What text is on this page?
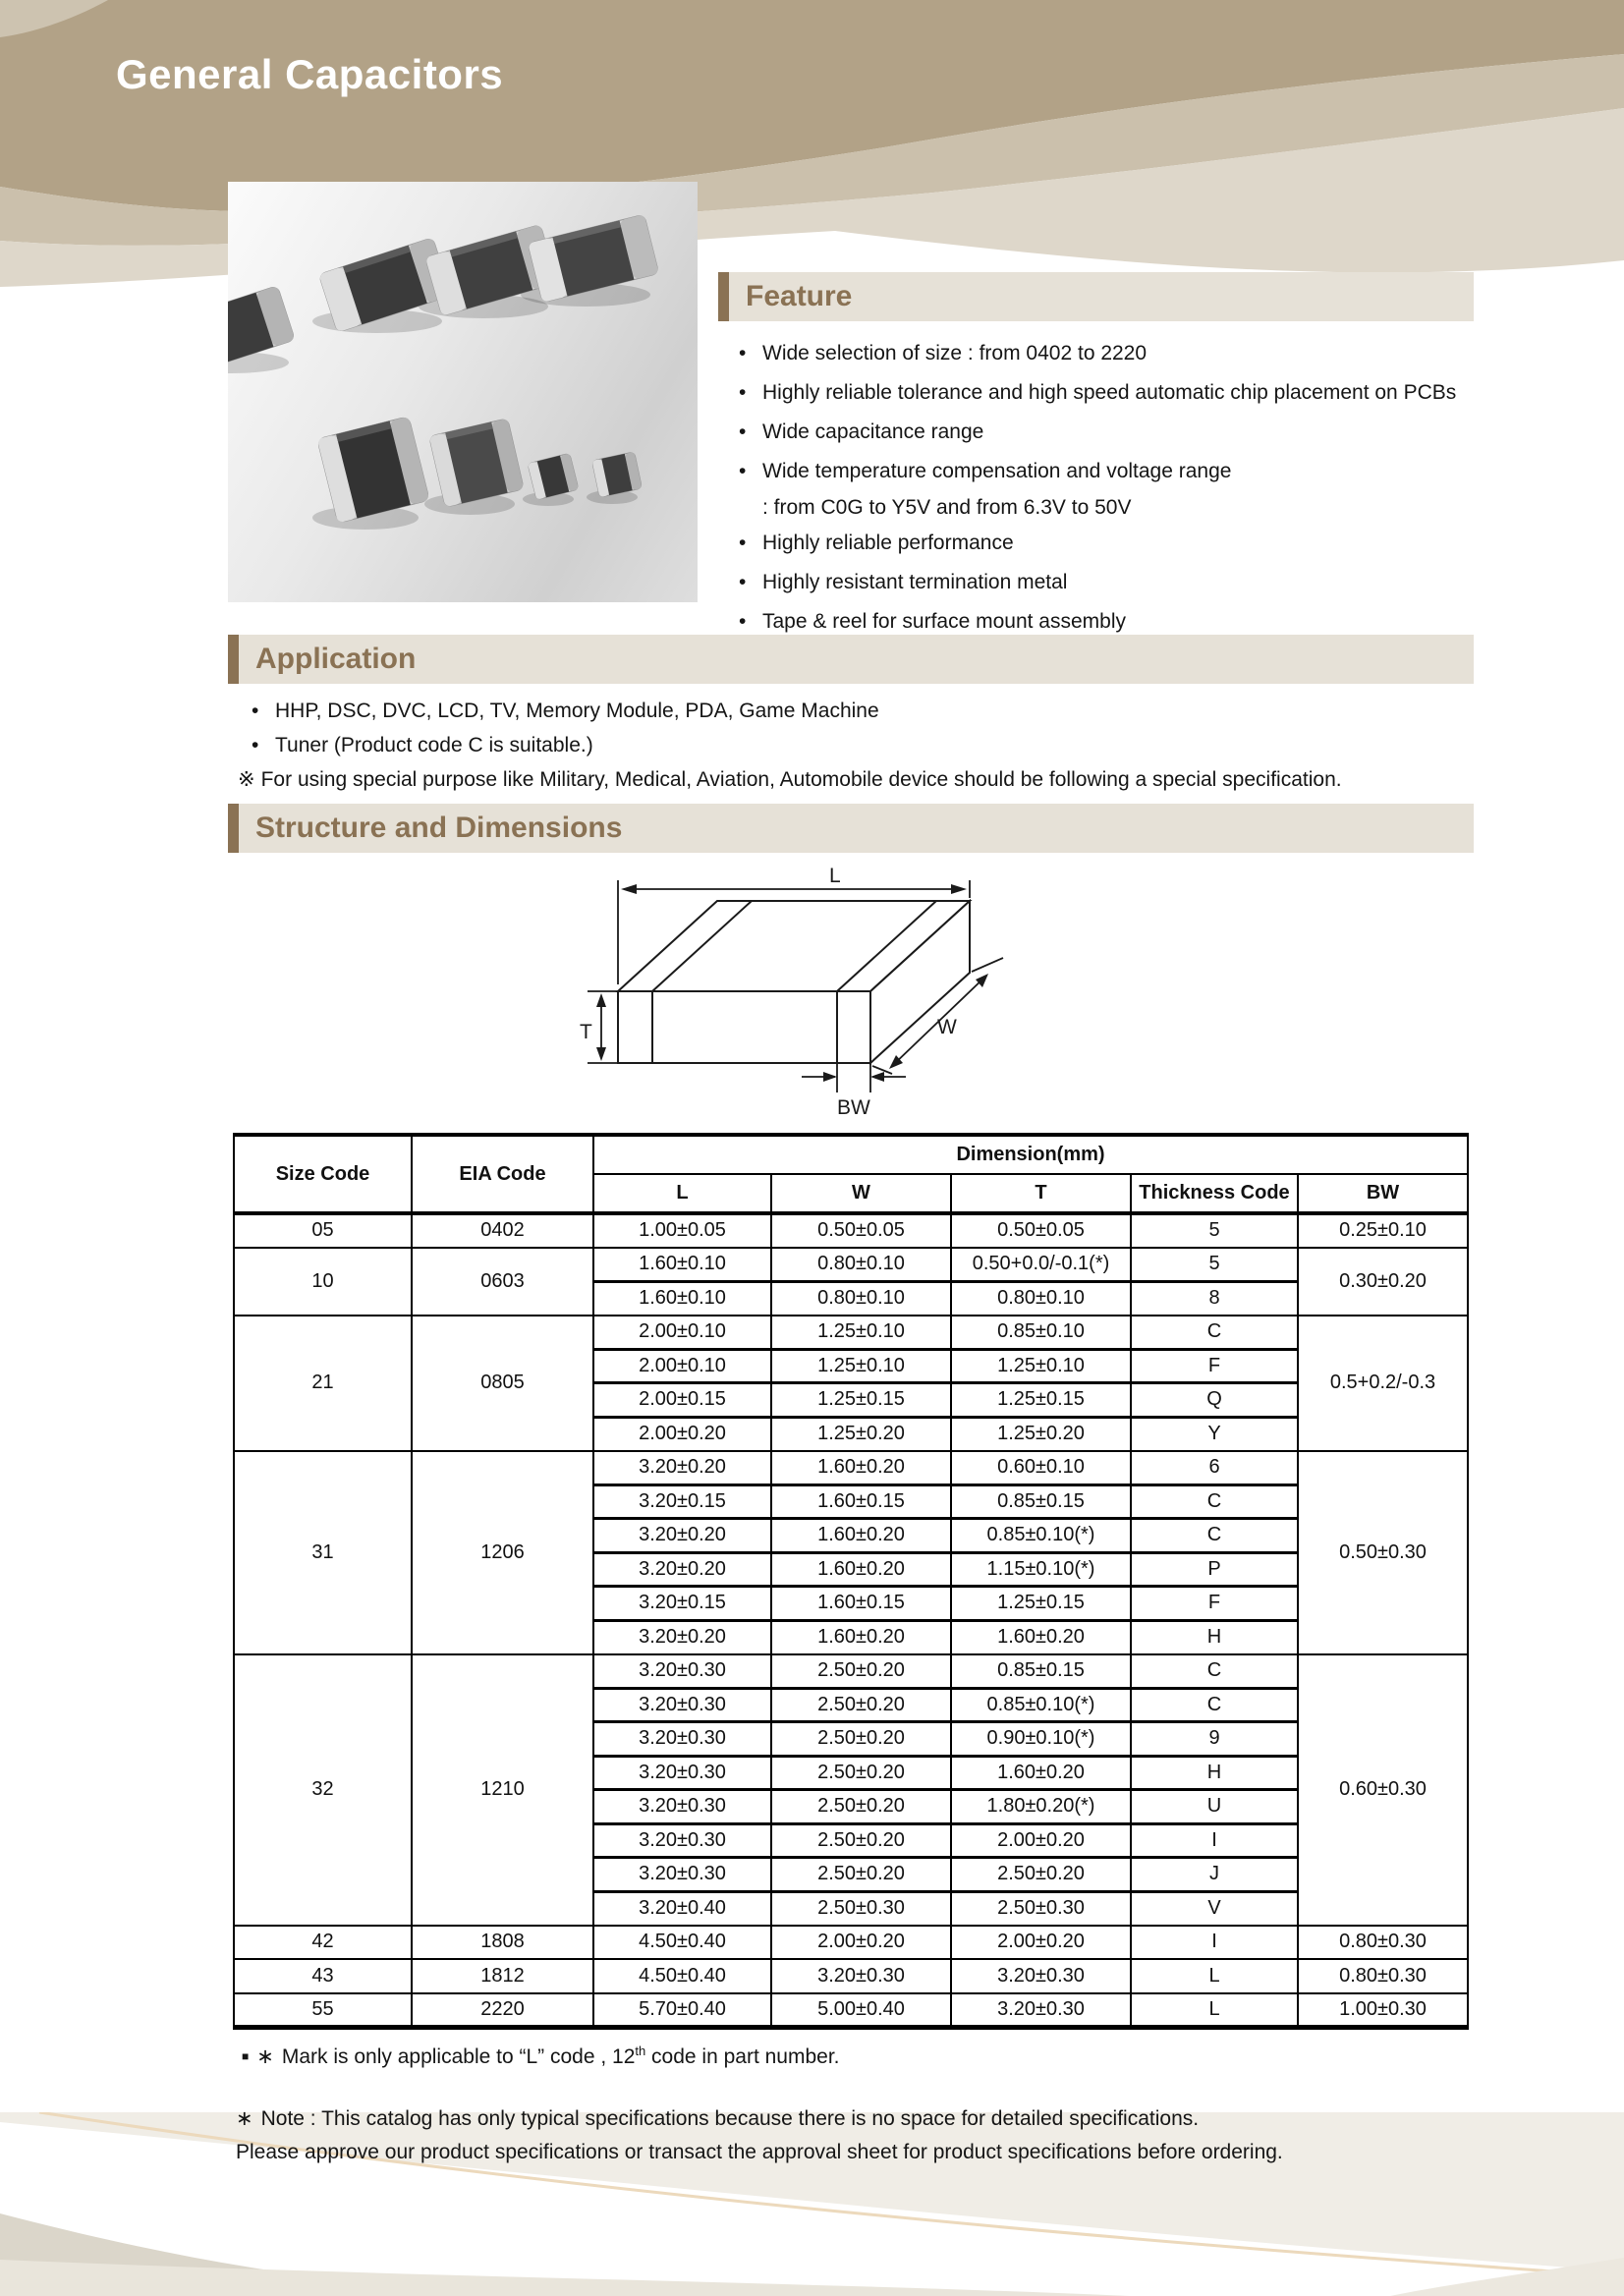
General Capacitors
Feature
• Wide selection of size : from 0402 to 2220
• Highly reliable tolerance and high speed automatic chip placement on PCBs
• Wide capacitance range
• Wide temperature compensation and voltage range
: from C0G to Y5V and from 6.3V to 50V
• Highly reliable performance
• Highly resistant termination metal
• Tape & reel for surface mount assembly
Application
• HHP, DSC, DVC, LCD, TV, Memory Module, PDA, Game Machine
• Tuner (Product code C is suitable.)
※ For using special purpose like Military, Medical, Aviation, Automobile device should be following a special specification.
Structure and Dimensions
L
T	W
BW
Size Code	EIA Code	Dimension(mm)				
		L	W	T	Thickness Code	BW
05	0402	1.00±0.05	0.50±0.05	0.50±0.05	5	0.25±0.10
10	0603	1.60±0.10	0.80±0.10	0.50+0.0/-0.1(*)	5	0.30±0.20
		1.60±0.10	0.80±0.10	0.80±0.10	8	
21	0805	2.00±0.10	1.25±0.10	0.85±0.10	C	0.5+0.2/-0.3
		2.00±0.10	1.25±0.10	1.25±0.10	F	
		2.00±0.15	1.25±0.15	1.25±0.15	Q	
		2.00±0.20	1.25±0.20	1.25±0.20	Y	
31	1206	3.20±0.20	1.60±0.20	0.60±0.10	6	0.50±0.30
		3.20±0.15	1.60±0.15	0.85±0.15	C	
		3.20±0.20	1.60±0.20	0.85±0.10(*)	C	
		3.20±0.20	1.60±0.20	1.15±0.10(*)	P	
		3.20±0.15	1.60±0.15	1.25±0.15	F	
		3.20±0.20	1.60±0.20	1.60±0.20	H	
32	1210	3.20±0.30	2.50±0.20	0.85±0.15	C	0.60±0.30
		3.20±0.30	2.50±0.20	0.85±0.10(*)	C	
		3.20±0.30	2.50±0.20	0.90±0.10(*)	9	
		3.20±0.30	2.50±0.20	1.60±0.20	H	
		3.20±0.30	2.50±0.20	1.80±0.20(*)	U	
		3.20±0.30	2.50±0.20	2.00±0.20	I	
		3.20±0.30	2.50±0.20	2.50±0.20	J	
		3.20±0.40	2.50±0.30	2.50±0.30	V	
42	1808	4.50±0.40	2.00±0.20	2.00±0.20	I	0.80±0.30
43	1812	4.50±0.40	3.20±0.30	3.20±0.30	L	0.80±0.30
55	2220	5.70±0.40	5.00±0.40	3.20±0.30	L	1.00±0.30
■ ∗ Mark is only applicable to “L” code , 12th code in part number.
∗ Note : This catalog has only typical specifications because there is no space for detailed specifications.
Please approve our product specifications or transact the approval sheet for product specifications before ordering.
